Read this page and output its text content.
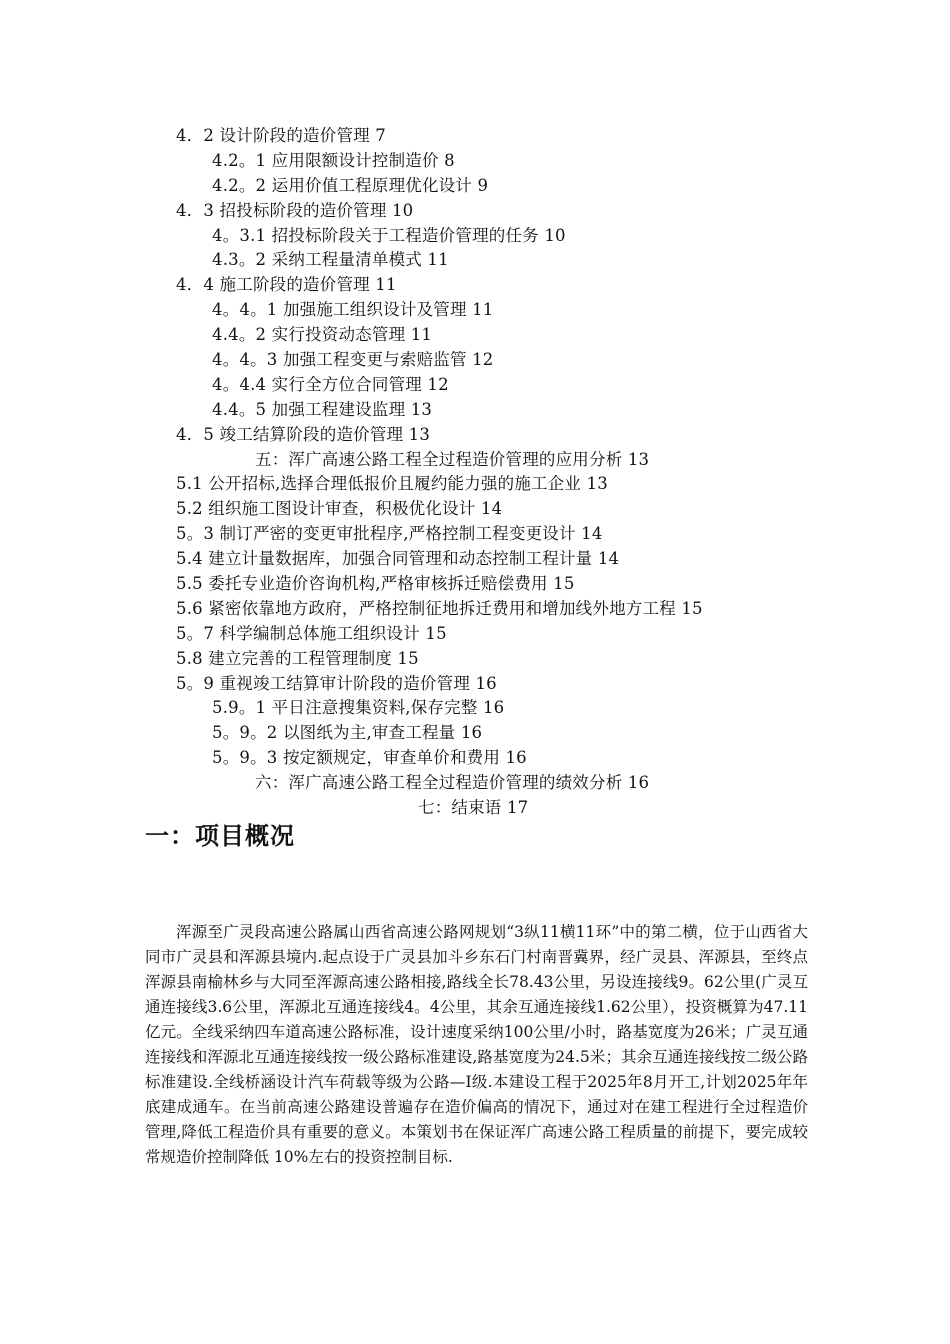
4．2 设计阶段的造价管理 7
4.2。1 应用限额设计控制造价 8
4.2。2 运用价值工程原理优化设计 9
4．3 招投标阶段的造价管理 10
4。3.1 招投标阶段关于工程造价管理的任务 10
4.3。2 采纳工程量清单模式 11
4．4 施工阶段的造价管理 11
4。4。1 加强施工组织设计及管理 11
4.4。2 实行投资动态管理 11
4。4。3 加强工程变更与索赔监管 12
4。4.4 实行全方位合同管理 12
4.4。5 加强工程建设监理 13
4．5 竣工结算阶段的造价管理 13
五：浑广高速公路工程全过程造价管理的应用分析 13
5.1 公开招标,选择合理低报价且履约能力强的施工企业 13
5.2 组织施工图设计审查，积极优化设计 14
5。3 制订严密的变更审批程序,严格控制工程变更设计 14
5.4 建立计量数据库，加强合同管理和动态控制工程计量 14
5.5 委托专业造价咨询机构,严格审核拆迁赔偿费用 15
5.6 紧密依靠地方政府，严格控制征地拆迁费用和增加线外地方工程 15
5。7 科学编制总体施工组织设计 15
5.8 建立完善的工程管理制度 15
5。9 重视竣工结算审计阶段的造价管理 16
5.9。1 平日注意搜集资料,保存完整 16
5。9。2 以图纸为主,审查工程量 16
5。9。3 按定额规定，审查单价和费用 16
六：浑广高速公路工程全过程造价管理的绩效分析 16
七：结束语 17
一：项目概况

浑源至广灵段高速公路属山西省高速公路网规划“3纵11横11环”中的第二横，位于山西省大同市广灵县和浑源县境内.起点设于广灵县加斗乡东石门村南晋冀界，经广灵县、浑源县，至终点浑源县南榆林乡与大同至浑源高速公路相接,路线全长78.43公里，另设连接线9。62公里(广灵互通连接线3.6公里，浑源北互通连接线4。4公里，其余互通连接线1.62公里），投资概算为47.11亿元。全线采纳四车道高速公路标准，设计速度采纳100公里/小时，路基宽度为26米；广灵互通连接线和浑源北互通连接线按一级公路标准建设,路基宽度为24.5米；其余互通连接线按二级公路标准建设.全线桥涵设计汽车荷载等级为公路—Ⅰ级.本建设工程于2025年8月开工,计划2025年年底建成通车。在当前高速公路建设普遍存在造价偏高的情况下，通过对在建工程进行全过程造价管理,降低工程造价具有重要的意义。本策划书在保证浑广高速公路工程质量的前提下，要完成较常规造价控制降低 10%左右的投资控制目标.
